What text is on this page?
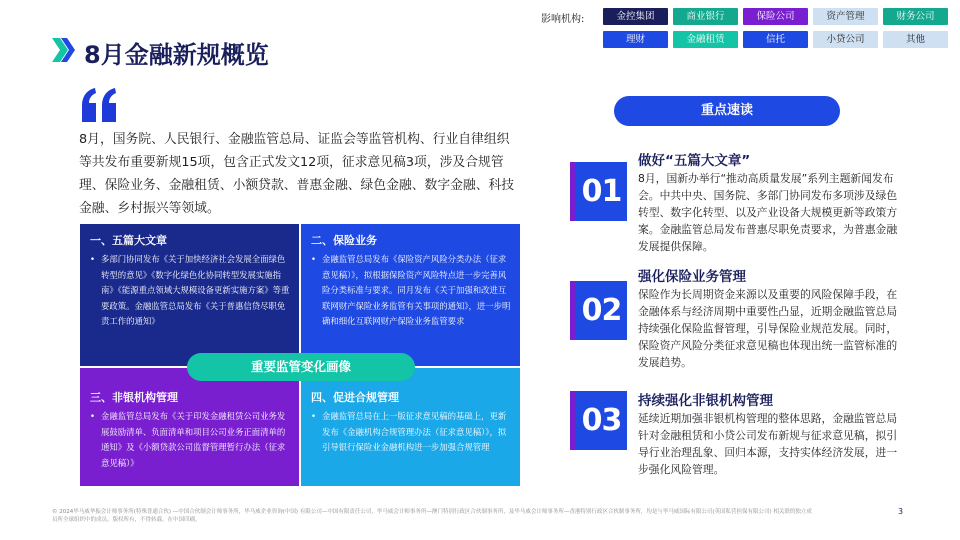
8月金融新规概览
影响机构:	金控集团	商业银行	保险公司	资产管理	财务公司
理财	金融租赁	信托	小贷公司	其他
8月，国务院、人民银行、金融监管总局、证监会等监管机构、行业自律组织等共发布重要新规15项，包含正式发文12项，征求意见稿3项，涉及合规管理、保险业务、金融租赁、小额贷款、普惠金融、绿色金融、数字金融、科技金融、乡村振兴等领域。
一、五篇大文章
• 多部门协同发布《关于加快经济社会发展全面绿色转型的意见》《数字化绿色化协同转型发展实施指南》《能源重点领域大规模设备更新实施方案》等重要政策。金融监管总局发布《关于普惠信贷尽职免责工作的通知》
二、保险业务
• 金融监管总局发布《保险资产风险分类办法（征求意见稿）》，拟根据保险资产风险特点进一步完善风险分类标准与要求。同月发布《关于加强和改进互联网财产保险业务监管有关事项的通知》，进一步明确和细化互联网财产保险业务监管要求
三、非银机构管理
• 金融监管总局发布《关于印发金融租赁公司业务发展鼓励清单、负面清单和项目公司业务正面清单的通知》及《小额贷款公司监督管理暂行办法（征求意见稿）》
四、促进合规管理
• 金融监管总局在上一版征求意见稿的基础上，更新发布《金融机构合规管理办法（征求意见稿）》，拟引导银行保险业金融机构进一步加强合规管理
重要监管变化画像
重点速读
01
做好“五篇大文章”
8月，国新办举行“推动高质量发展”系列主题新闻发布会。中共中央、国务院、多部门协同发布多项涉及绿色转型、数字化转型、以及产业设备大规模更新等政策方案。金融监管总局发布普惠尽职免责要求，为普惠金融发展提供保障。
02
强化保险业务管理
保险作为长周期资金来源以及重要的风险保障手段，在金融体系与经济周期中重要性凸显，近期金融监管总局持续强化保险监督管理，引导保险业规范发展。同时，保险资产风险分类征求意见稿也体现出统一监管标准的发展趋势。
03
持续强化非银机构管理
延续近期加强非银机构管理的整体思路，金融监管总局针对金融租赁和小贷公司发布新规与征求意见稿，拟引导行业治理乱象、回归本源，支持实体经济发展，进一步强化风险管理。
© 2024毕马威华振会计师事务所(特殊普通合伙) —中国合伙制会计师事务所，毕马威企业咨询(中国) 有限公司—中国有限责任公司，毕马威会计师事务所—澳门特别行政区合伙制事务所，及毕马威会计师事务所—香港特别行政区合伙制事务所，均是与毕马威国际有限公司(英国私营担保有限公司) 相关联的独立成员所全球组织中的成员。版权所有，不得转载。在中国印刷。
3
